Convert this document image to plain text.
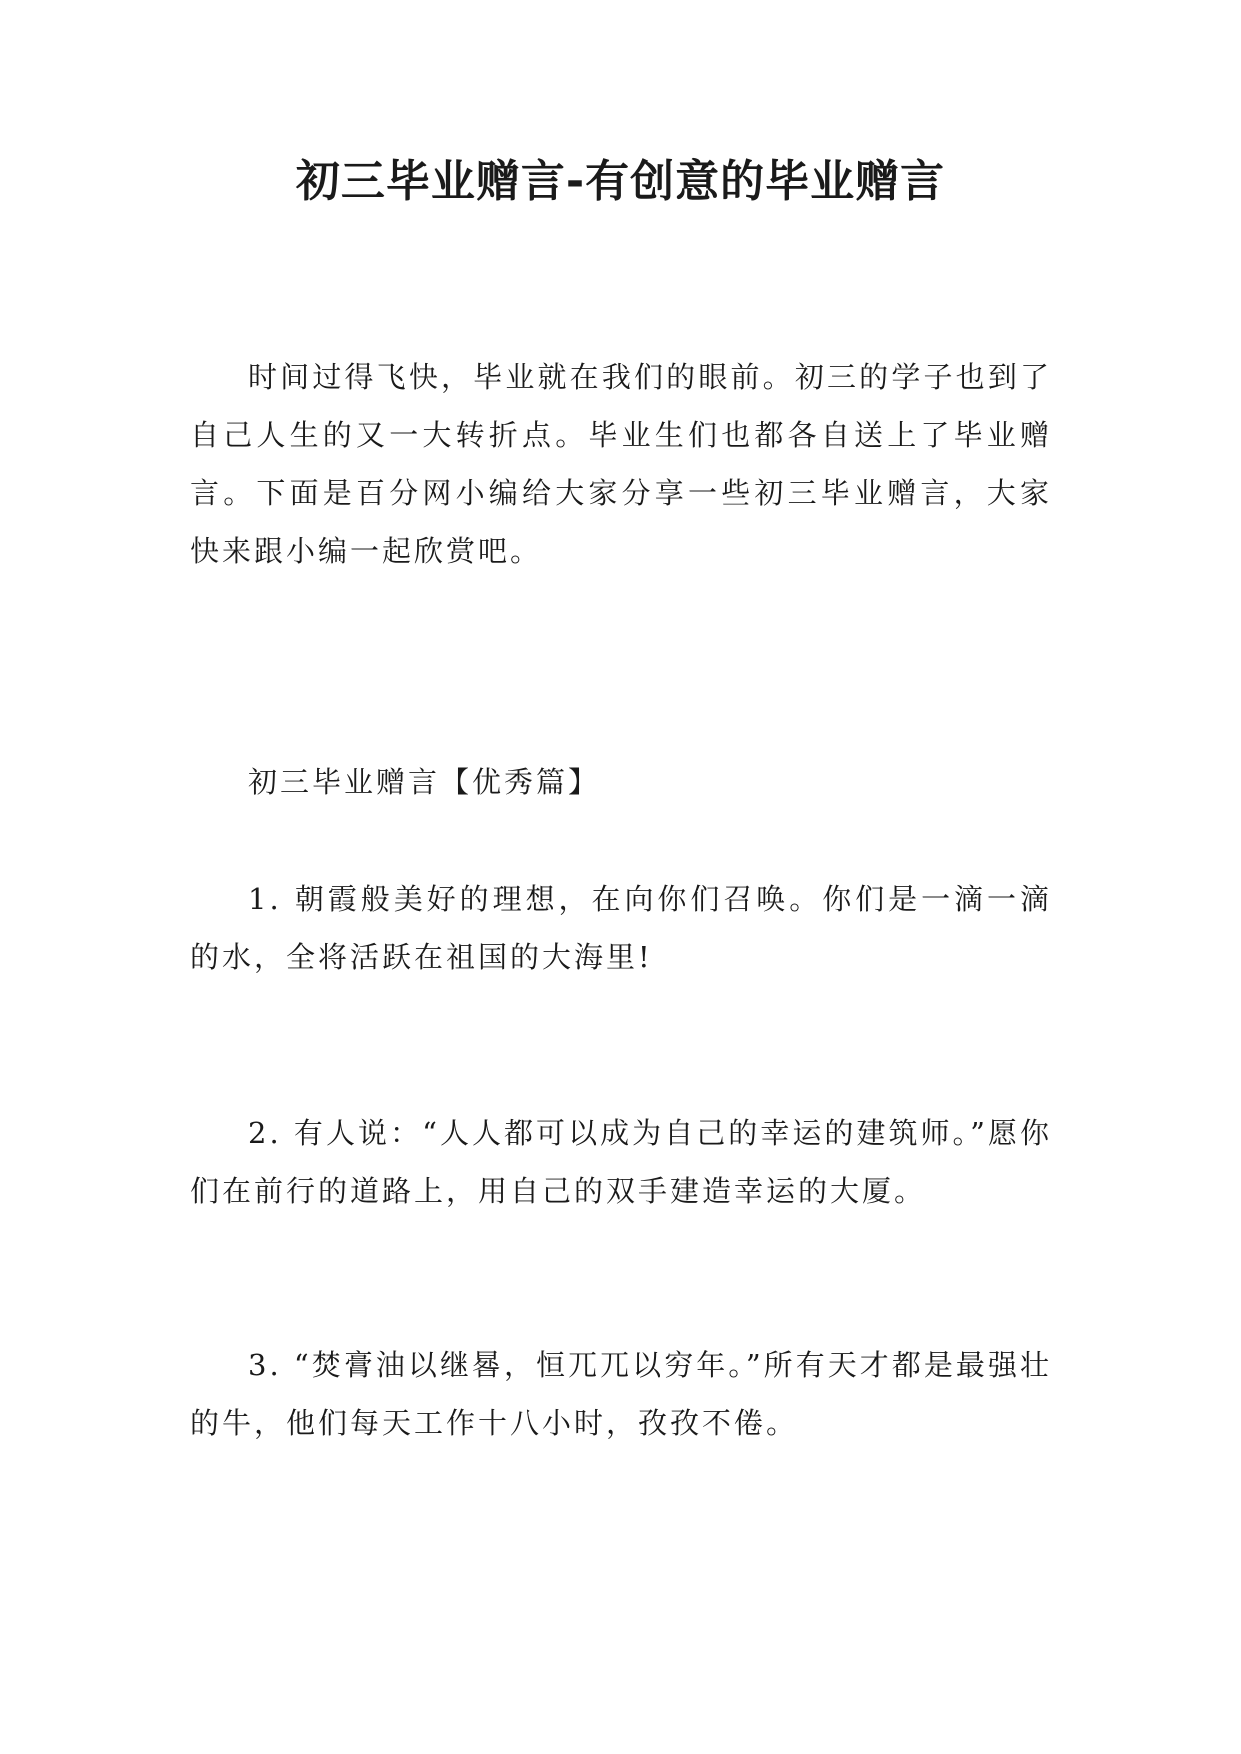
初三毕业赠言-有创意的毕业赠言

时间过得飞快，毕业就在我们的眼前。初三的学子也到了自己人生的又一大转折点。毕业生们也都各自送上了毕业赠言。下面是百分网小编给大家分享一些初三毕业赠言，大家快来跟小编一起欣赏吧。

初三毕业赠言【优秀篇】

1. 朝霞般美好的理想，在向你们召唤。你们是一滴一滴的水，全将活跃在祖国的大海里!

2. 有人说：“人人都可以成为自己的幸运的建筑师。”愿你们在前行的道路上，用自己的双手建造幸运的大厦。

3. “焚膏油以继晷，恒兀兀以穷年。”所有天才都是最强壮的牛，他们每天工作十八小时，孜孜不倦。
